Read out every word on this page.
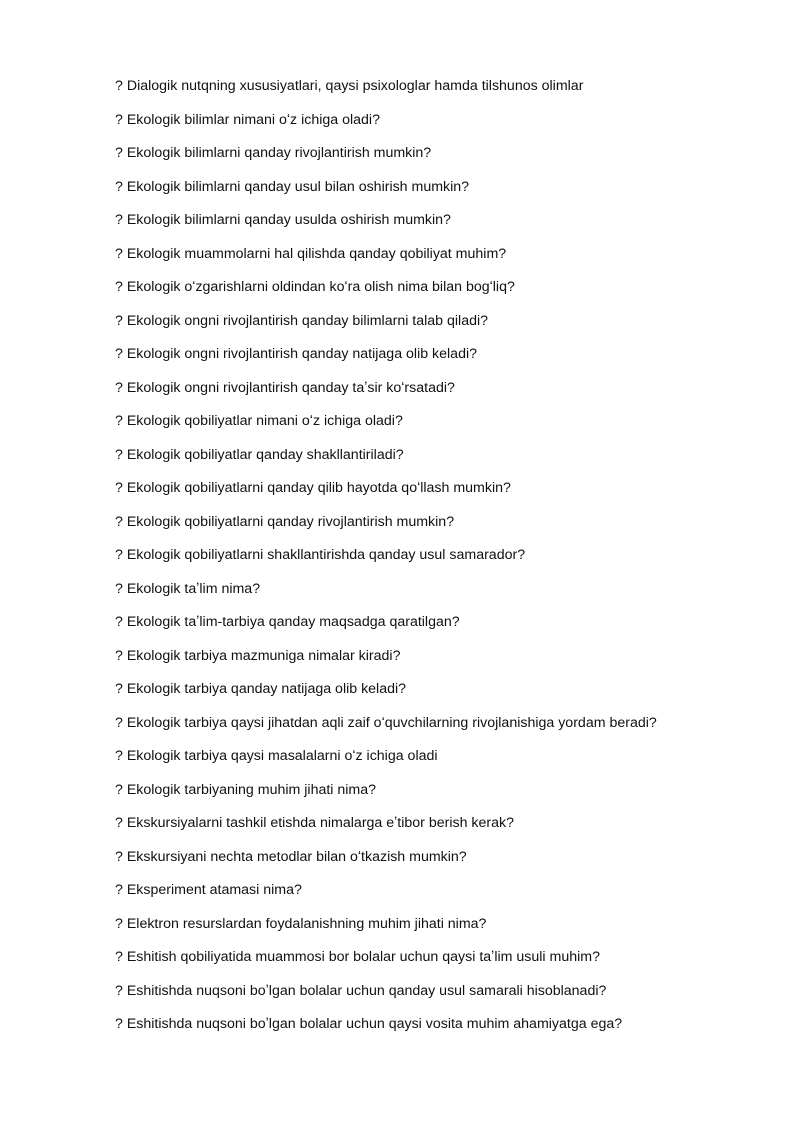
? Dialogik nutqning xususiyatlari, qaysi psixologlar hamda tilshunos olimlar
? Ekologik bilimlar nimani oʻz ichiga oladi?
? Ekologik bilimlarni qanday rivojlantirish mumkin?
? Ekologik bilimlarni qanday usul bilan oshirish mumkin?
? Ekologik bilimlarni qanday usulda oshirish mumkin?
? Ekologik muammolarni hal qilishda qanday qobiliyat muhim?
? Ekologik oʻzgarishlarni oldindan koʻra olish nima bilan bogʻliq?
? Ekologik ongni rivojlantirish qanday bilimlarni talab qiladi?
? Ekologik ongni rivojlantirish qanday natijaga olib keladi?
? Ekologik ongni rivojlantirish qanday taʼsir koʻrsatadi?
? Ekologik qobiliyatlar nimani oʻz ichiga oladi?
? Ekologik qobiliyatlar qanday shakllantiriladi?
? Ekologik qobiliyatlarni qanday qilib hayotda qoʻllash mumkin?
? Ekologik qobiliyatlarni qanday rivojlantirish mumkin?
? Ekologik qobiliyatlarni shakllantirishda qanday usul samarador?
? Ekologik taʼlim nima?
? Ekologik taʼlim-tarbiya qanday maqsadga qaratilgan?
? Ekologik tarbiya mazmuniga nimalar kiradi?
? Ekologik tarbiya qanday natijaga olib keladi?
? Ekologik tarbiya qaysi jihatdan aqli zaif oʻquvchilarning rivojlanishiga yordam beradi?
? Ekologik tarbiya qaysi masalalarni oʻz ichiga oladi
? Ekologik tarbiyaning muhim jihati nima?
? Ekskursiyalarni tashkil etishda nimalarga eʼtibor berish kerak?
? Ekskursiyani nechta metodlar bilan oʻtkazish mumkin?
? Eksperiment atamasi nima?
? Elektron resurslardan foydalanishning muhim jihati nima?
? Eshitish qobiliyatida muammosi bor bolalar uchun qaysi taʼlim usuli muhim?
? Eshitishda nuqsoni boʼlgan bolalar uchun qanday usul samarali hisoblanadi?
? Eshitishda nuqsoni boʼlgan bolalar uchun qaysi vosita muhim ahamiyatga ega?
